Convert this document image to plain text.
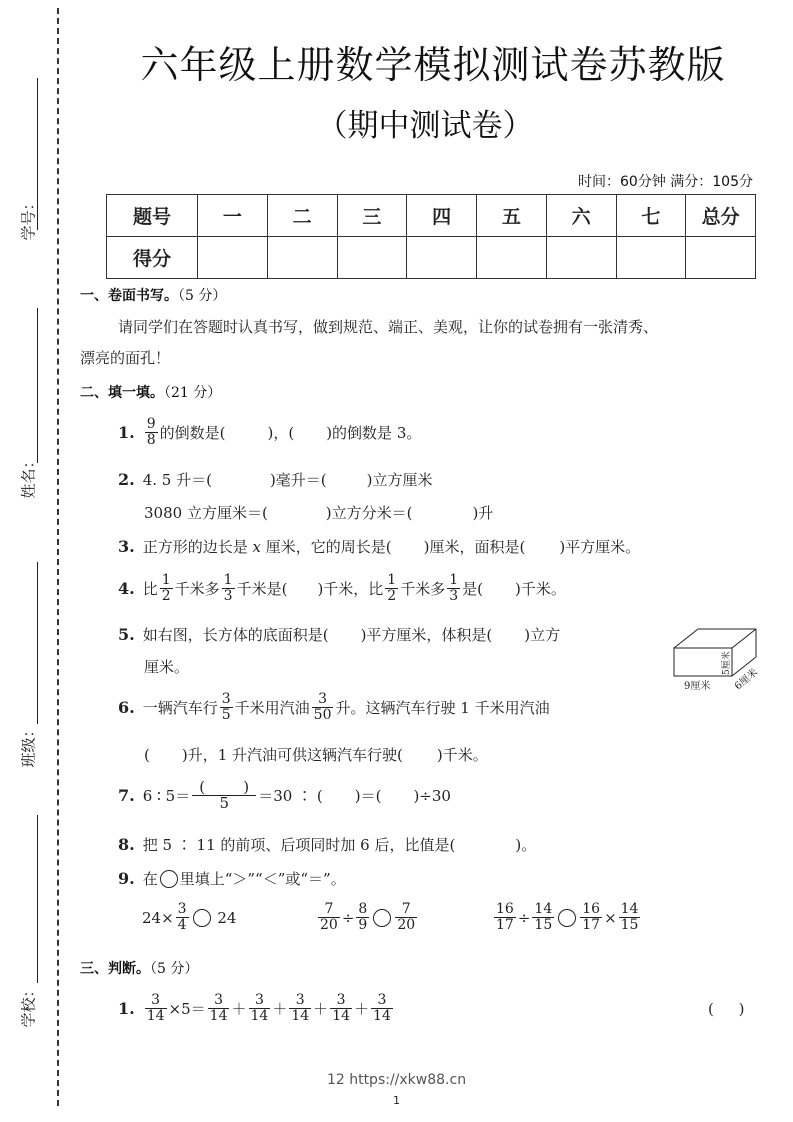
学号：
姓名：
班级：
学校：
六年级上册数学模拟测试卷苏教版
（期中测试卷）
时间：60分钟 满分：105分
题号	一	二	三	四	五	六	七	总分
得分								
一、卷面书写。（5 分）
请同学们在答题时认真书写，做到规范、端正、美观，让你的试卷拥有一张清秀、
漂亮的面孔！
二、填一填。（21 分）
1. $\frac{9}{8}$ 的倒数是(	)，( )的倒数是 3。
2. 4. 5 升＝(	)毫升＝(	)立方厘米
3080 立方厘米＝(	)立方分米＝(	)升
3. 正方形的边长是
x
厘米，它的周长是( )厘米，面积是( )平方厘米。
4. 比 $\frac{1}{2}$ 千米多 $\frac{1}{3}$ 千米是( )千米，比 $\frac{1}{2}$ 千米多 $\frac{1}{3}$ 是( )千米。
5. 如右图，长方体的底面积是( )平方厘米，体积是( )立方
厘米。
9厘米
5厘米
6厘米
6. 一辆汽车行 $\frac{3}{5}$ 千米用汽油 $\frac{3}{50}$ 升。这辆汽车行驶 1 千米用汽油
( )升，1 升汽油可供这辆汽车行驶( )千米。
7. 6 ∶ $5= \frac{( )}{5} =30$ ∶ ( )＝( )÷30
8. 把 5 ∶ 11 的前项、后项同时加 6 后，比值是(	)。
9. 在 里填上“＞”“＜”或“＝”。
$24\times \frac{3}{4}$
24	$\frac{7}{20} \div \frac{8}{9} \frac{7}{20}$	$\frac{16}{17} \div \frac{14}{15} \frac{16}{17} \times \frac{14}{15}$
三、判断。（5 分）
1. $\frac{3}{14} \times 5= \frac{3}{14} + \frac{3}{14} + \frac{3}{14} + \frac{3}{14} + \frac{3}{14}$	( )
12 https://xkw88.cn
1
